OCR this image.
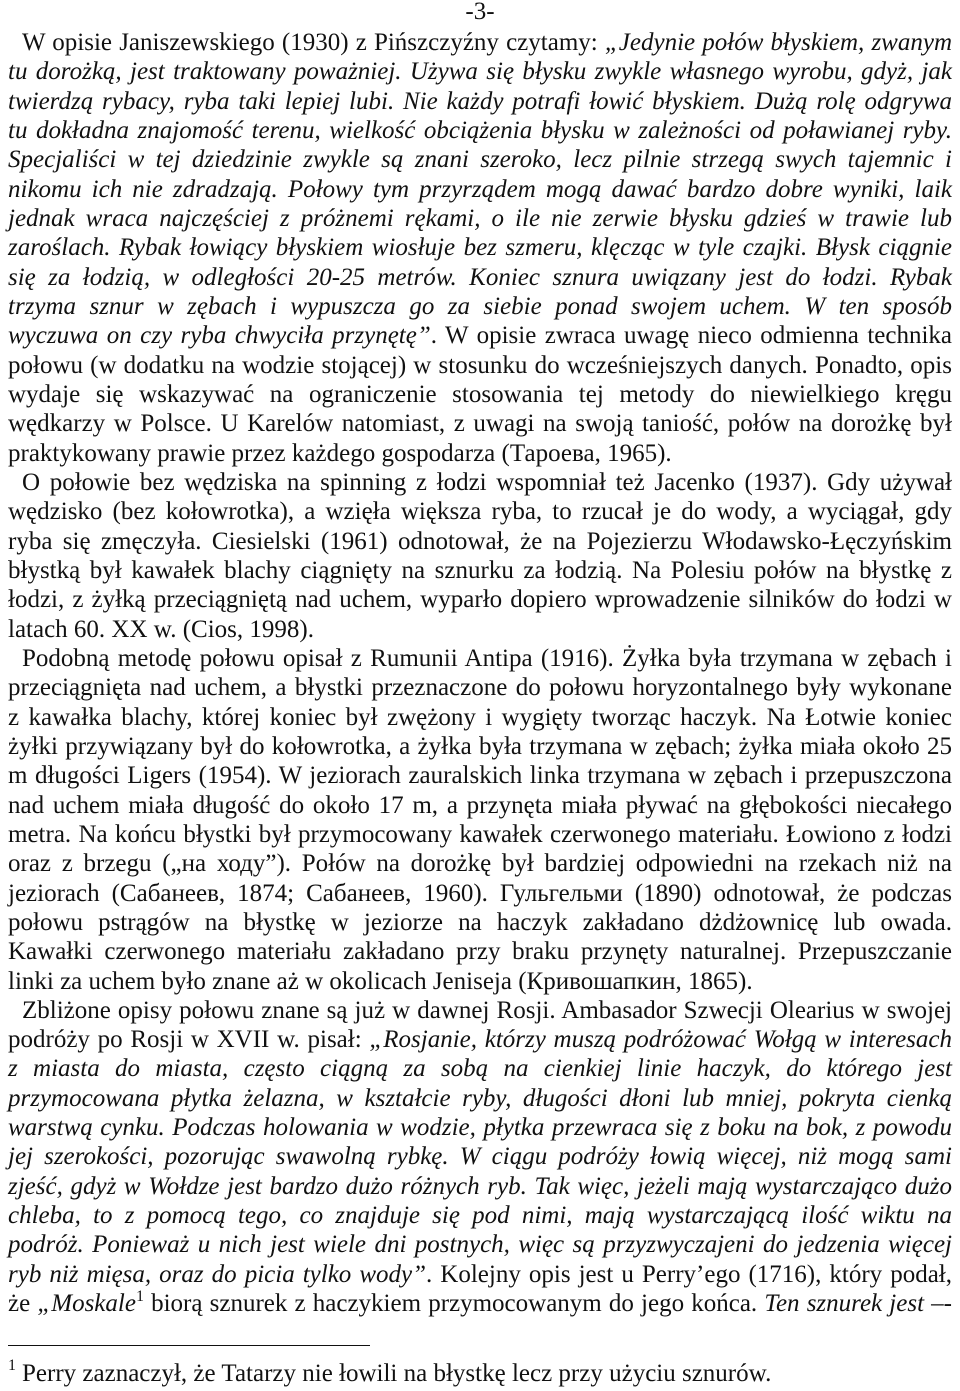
-3-
W opisie Janiszewskiego (1930) z Pińszczyźny czytamy: „Jedynie połów błyskiem, zwanym
tu dorożką, jest traktowany poważniej. Używa się błysku zwykle własnego wyrobu, gdyż, jak
twierdzą rybacy, ryba taki lepiej lubi. Nie każdy potrafi łowić błyskiem. Dużą rolę odgrywa
tu dokładna znajomość terenu, wielkość obciążenia błysku w zależności od poławianej ryby.
Specjaliści w tej dziedzinie zwykle są znani szeroko, lecz pilnie strzegą swych tajemnic i
nikomu ich nie zdradzają. Połowy tym przyrządem mogą dawać bardzo dobre wyniki, laik
jednak wraca najczęściej z próżnemi rękami, o ile nie zerwie błysku gdzieś w trawie lub
zaroślach. Rybak łowiący błyskiem wiosłuje bez szmeru, klęcząc w tyle czajki. Błysk ciągnie
się za łodzią, w odległości 20-25 metrów. Koniec sznura uwiązany jest do łodzi. Rybak
trzyma sznur w zębach i wypuszcza go za siebie ponad swojem uchem. W ten sposób
wyczuwa on czy ryba chwyciła przynętę”. W opisie zwraca uwagę nieco odmienna technika
połowu (w dodatku na wodzie stojącej) w stosunku do wcześniejszych danych. Ponadto, opis
wydaje się wskazywać na ograniczenie stosowania tej metody do niewielkiego kręgu
wędkarzy w Polsce. U Karelów natomiast, z uwagi na swoją taniość, połów na dorożkę był
praktykowany prawie przez każdego gospodarza (Тароева, 1965).
O połowie bez wędziska na spinning z łodzi wspomniał też Jacenko (1937). Gdy używał
wędzisko (bez kołowrotka), a wzięła większa ryba, to rzucał je do wody, a wyciągał, gdy
ryba się zmęczyła. Ciesielski (1961) odnotował, że na Pojezierzu Włodawsko-Łęczyńskim
błystką był kawałek blachy ciągnięty na sznurku za łodzią. Na Polesiu połów na błystkę z
łodzi, z żyłką przeciągniętą nad uchem, wyparło dopiero wprowadzenie silników do łodzi w
latach 60. XX w. (Cios, 1998).
Podobną metodę połowu opisał z Rumunii Antipa (1916). Żyłka była trzymana w zębach i
przeciągnięta nad uchem, a błystki przeznaczone do połowu horyzontalnego były wykonane
z kawałka blachy, której koniec był zwężony i wygięty tworząc haczyk. Na Łotwie koniec
żyłki przywiązany był do kołowrotka, a żyłka była trzymana w zębach; żyłka miała około 25
m długości Ligers (1954). W jeziorach zauralskich linka trzymana w zębach i przepuszczona
nad uchem miała długość do około 17 m, a przynęta miała pływać na głębokości niecałego
metra. Na końcu błystki był przymocowany kawałek czerwonego materiału. Łowiono z łodzi
oraz z brzegu („на ходу”). Połów na dorożkę był bardziej odpowiedni na rzekach niż na
jeziorach (Сабанеев, 1874; Сабанеев, 1960). Гульгельми (1890) odnotował, że podczas
połowu pstrągów na błystkę w jeziorze na haczyk zakładano dżdżownicę lub owada.
Kawałki czerwonego materiału zakładano przy braku przynęty naturalnej. Przepuszczanie
linki za uchem było znane aż w okolicach Jeniseja (Кривошапкин, 1865).
Zbliżone opisy połowu znane są już w dawnej Rosji. Ambasador Szwecji Olearius w swojej
podróży po Rosji w XVII w. pisał: „Rosjanie, którzy muszą podróżować Wołgą w interesach
z miasta do miasta, często ciągną za sobą na cienkiej linie haczyk, do którego jest
przymocowana płytka żelazna, w kształcie ryby, długości dłoni lub mniej, pokryta cienką
warstwą cynku. Podczas holowania w wodzie, płytka przewraca się z boku na bok, z powodu
jej szerokości, pozorując swawolną rybkę. W ciągu podróży łowią więcej, niż mogą sami
zjeść, gdyż w Wołdze jest bardzo dużo różnych ryb. Tak więc, jeżeli mają wystarczająco dużo
chleba, to z pomocą tego, co znajduje się pod nimi, mają wystarczającą ilość wiktu na
podróż. Ponieważ u nich jest wiele dni postnych, więc są przyzwyczajeni do jedzenia więcej
ryb niż mięsa, oraz do picia tylko wody”. Kolejny opis jest u Perry’ego (1716), który podał,
że „Moskale$^1$ biorą sznurek z haczykiem przymocowanym do jego końca. Ten sznurek jest –-
$^1$ Perry zaznaczył, że Tatarzy nie łowili na błystkę lecz przy użyciu sznurów.
